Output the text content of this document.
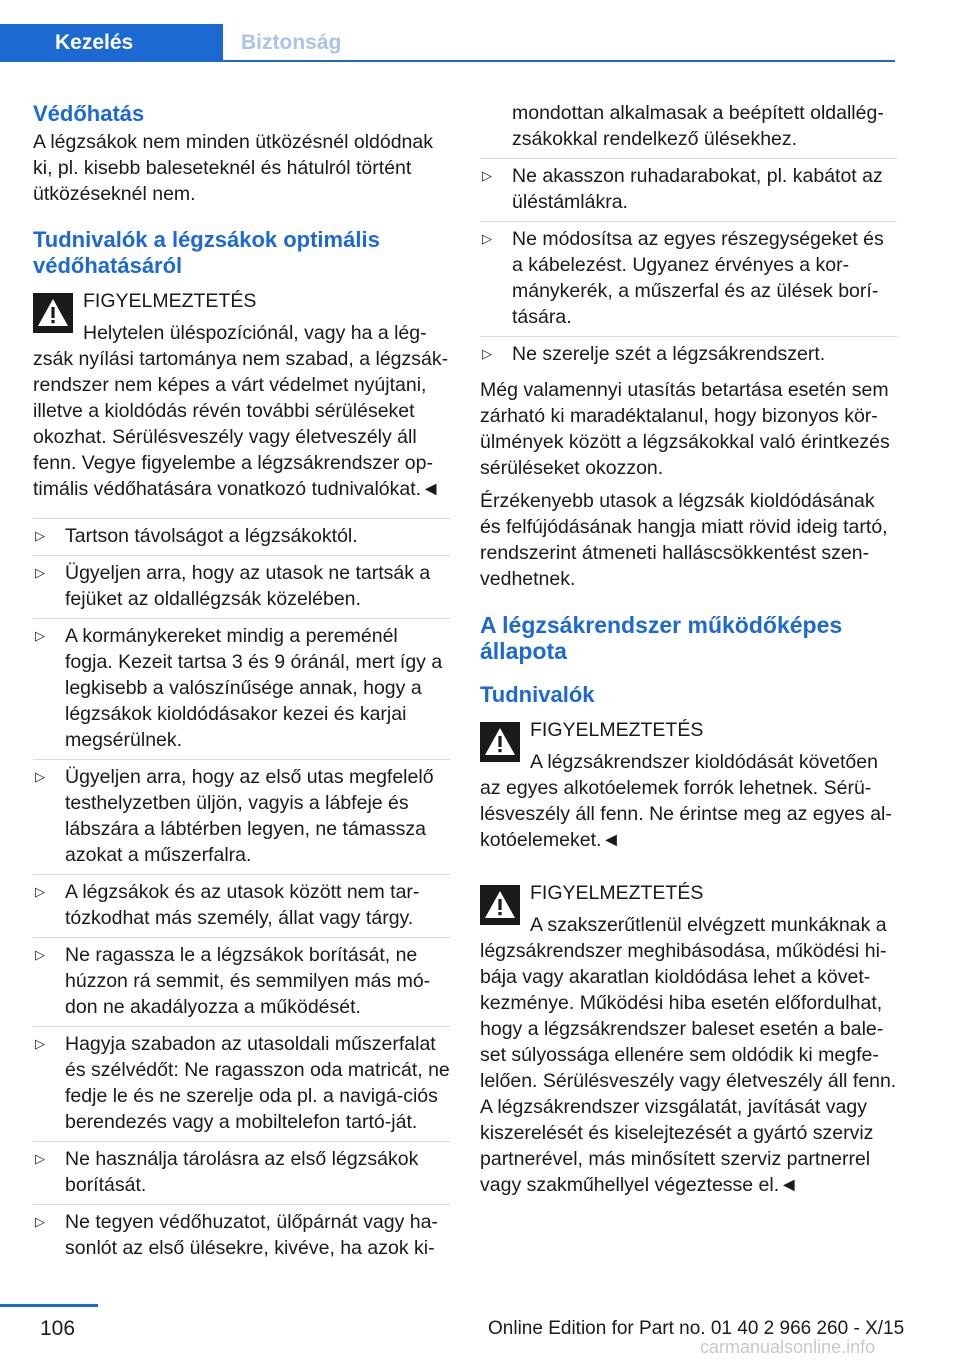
Kezelés	Biztonság
Védőhatás
A légzsákok nem minden ütközésnél oldódnak ki, pl. kisebb baleseteknél és hátulról történt ütközéseknél nem.
Tudnivalók a légzsákok optimális védőhatásáról
FIGYELMEZTETÉS
Helytelen üléspozíciónál, vagy ha a lég-zsák nyílási tartománya nem szabad, a légzsák-rendszer nem képes a várt védelmet nyújtani, illetve a kioldódás révén további sérüléseket okozhat. Sérülésveszély vagy életveszély áll fenn. Vegye figyelembe a légzsákrendszer op-timális védőhatására vonatkozó tudnivalókat.◄
▷ Tartson távolságot a légzsákoktól.
▷ Ügyeljen arra, hogy az utasok ne tartsák a fejüket az oldallégzsák közelében.
▷ A kormánykereket mindig a pereménél fogja. Kezeit tartsa 3 és 9 óránál, mert így a legkisebb a valószínűsége annak, hogy a légzsákok kioldódásakor kezei és karjai megsérülnek.
▷ Ügyeljen arra, hogy az első utas megfelelő testhelyzetben üljön, vagyis a lábfeje és lábszára a lábtérben legyen, ne támassza azokat a műszerfalra.
▷ A légzsákok és az utasok között nem tar-tózkodhat más személy, állat vagy tárgy.
▷ Ne ragassza le a légzsákok borítását, ne húzzon rá semmit, és semmilyen más mó-don ne akadályozza a működését.
▷ Hagyja szabadon az utasoldali műszerfalat és szélvédőt: Ne ragasszon oda matricát, ne fedje le és ne szerelje oda pl. a navigá-ciós berendezés vagy a mobiltelefon tartó-ját.
▷ Ne használja tárolásra az első légzsákok borítását.
▷ Ne tegyen védőhuzatot, ülőpárnát vagy ha-sonlót az első ülésekre, kivéve, ha azok ki-
mondottan alkalmasak a beépített oldallég-zsákokkal rendelkező ülésekhez.
▷ Ne akasszon ruhadarabokat, pl. kabátot az üléstámlákra.
▷ Ne módosítsa az egyes részegységeket és a kábelezést. Ugyanez érvényes a kor-mánykerék, a műszerfal és az ülések borí-tására.
▷ Ne szerelje szét a légzsákrendszert.
Még valamennyi utasítás betartása esetén sem zárható ki maradéktalanul, hogy bizonyos kör-ülmények között a légzsákokkal való érintkezés sérüléseket okozzon.
Érzékenyebb utasok a légzsák kioldódásának és felfújódásának hangja miatt rövid ideig tartó, rendszerint átmeneti halláscsökkentést szen-vedhetnek.
A légzsákrendszer működőképes állapota
Tudnivalók
FIGYELMEZTETÉS
A légzsákrendszer kioldódását követően az egyes alkotóelemek forrók lehetnek. Sérü-lésveszély áll fenn. Ne érintse meg az egyes al-kotóelemeket.◄
FIGYELMEZTETÉS
A szakszerűtlenül elvégzett munkáknak a légzsákrendszer meghibásodása, működési hi-bája vagy akaratlan kioldódása lehet a követ-kezménye. Működési hiba esetén előfordulhat, hogy a légzsákrendszer baleset esetén a bale-set súlyossága ellenére sem oldódik ki megfe-lelően. Sérülésveszély vagy életveszély áll fenn. A légzsákrendszer vizsgálatát, javítását vagy kiszerelését és kiselejtezését a gyártó szerviz partnerével, más minősített szerviz partnerrel vagy szakműhellyel végeztesse el.◄
106	Online Edition for Part no. 01 40 2 966 260 - X/15
carmanualsonline.info
